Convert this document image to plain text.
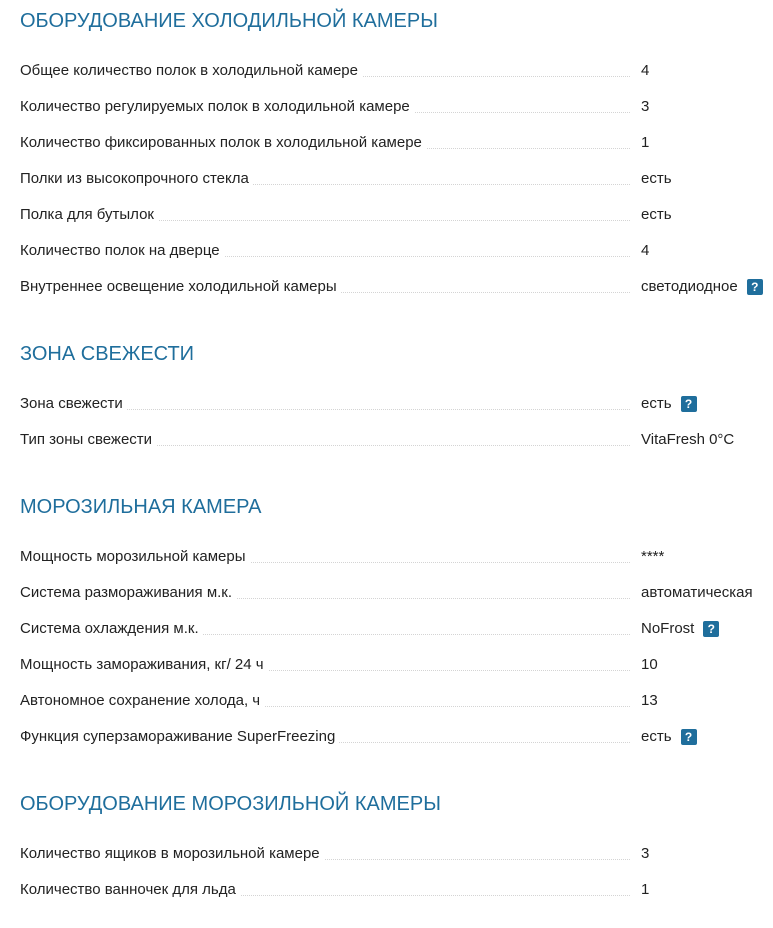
ОБОРУДОВАНИЕ ХОЛОДИЛЬНОЙ КАМЕРЫ
Общее количество полок в холодильной камере	4
Количество регулируемых полок в холодильной камере	3
Количество фиксированных полок в холодильной камере	1
Полки из высокопрочного стекла	есть
Полка для бутылок	есть
Количество полок на дверце	4
Внутреннее освещение холодильной камеры	светодиодное	?
ЗОНА СВЕЖЕСТИ
Зона свежести	есть	?
Тип зоны свежести	VitaFresh 0°C
МОРОЗИЛЬНАЯ КАМЕРА
Мощность морозильной камеры	****
Система размораживания м.к.	автоматическая
Система охлаждения м.к.	NoFrost	?
Мощность замораживания, кг/ 24 ч	10
Автономное сохранение холода, ч	13
Функция суперзамораживание SuperFreezing	есть	?
ОБОРУДОВАНИЕ МОРОЗИЛЬНОЙ КАМЕРЫ
Количество ящиков в морозильной камере	3
Количество ванночек для льда	1
